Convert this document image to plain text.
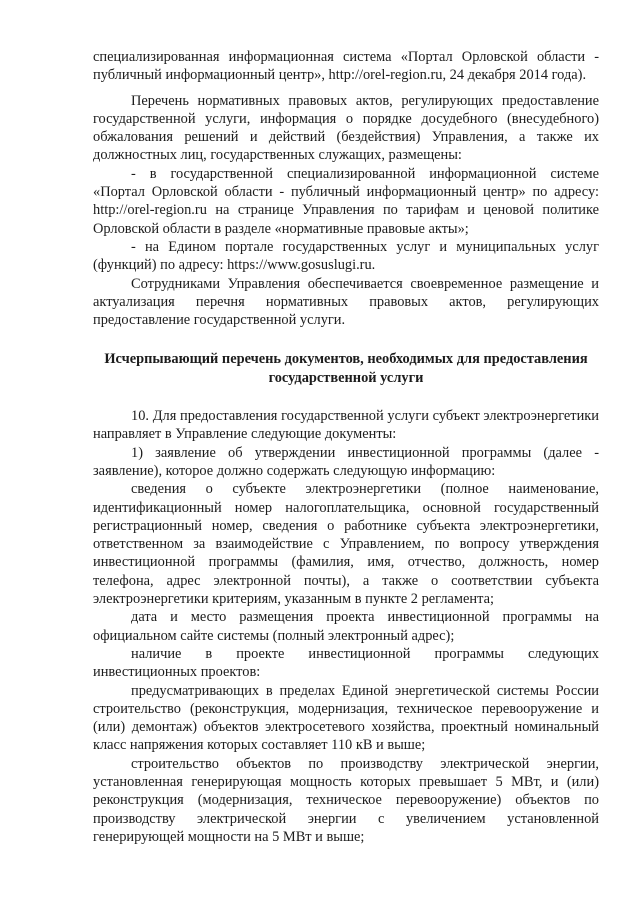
специализированная информационная система «Портал Орловской области - публичный информационный центр», http://orel-region.ru, 24 декабря 2014 года).

Перечень нормативных правовых актов, регулирующих предоставление государственной услуги, информация о порядке досудебного (внесудебного) обжалования решений и действий (бездействия) Управления, а также их должностных лиц, государственных служащих, размещены:

- в государственной специализированной информационной системе «Портал Орловской области - публичный информационный центр» по адресу: http://orel-region.ru на странице Управления по тарифам и ценовой политике Орловской области в разделе «нормативные правовые акты»;

- на Едином портале государственных услуг и муниципальных услуг (функций) по адресу: https://www.gosuslugi.ru.

Сотрудниками Управления обеспечивается своевременное размещение и актуализация перечня нормативных правовых актов, регулирующих предоставление государственной услуги.

Исчерпывающий перечень документов, необходимых для предоставления государственной услуги

10. Для предоставления государственной услуги субъект электроэнергетики направляет в Управление следующие документы:

1) заявление об утверждении инвестиционной программы (далее - заявление), которое должно содержать следующую информацию:

сведения о субъекте электроэнергетики (полное наименование, идентификационный номер налогоплательщика, основной государственный регистрационный номер, сведения о работнике субъекта электроэнергетики, ответственном за взаимодействие с Управлением, по вопросу утверждения инвестиционной программы (фамилия, имя, отчество, должность, номер телефона, адрес электронной почты), а также о соответствии субъекта электроэнергетики критериям, указанным в пункте 2 регламента;

дата и место размещения проекта инвестиционной программы на официальном сайте системы (полный электронный адрес);

наличие в проекте инвестиционной программы следующих инвестиционных проектов:

предусматривающих в пределах Единой энергетической системы России строительство (реконструкция, модернизация, техническое перевооружение и (или) демонтаж) объектов электросетевого хозяйства, проектный номинальный класс напряжения которых составляет 110 кВ и выше;

строительство объектов по производству электрической энергии, установленная генерирующая мощность которых превышает 5 МВт, и (или) реконструкция (модернизация, техническое перевооружение) объектов по производству электрической энергии с увеличением установленной генерирующей мощности на 5 МВт и выше;
